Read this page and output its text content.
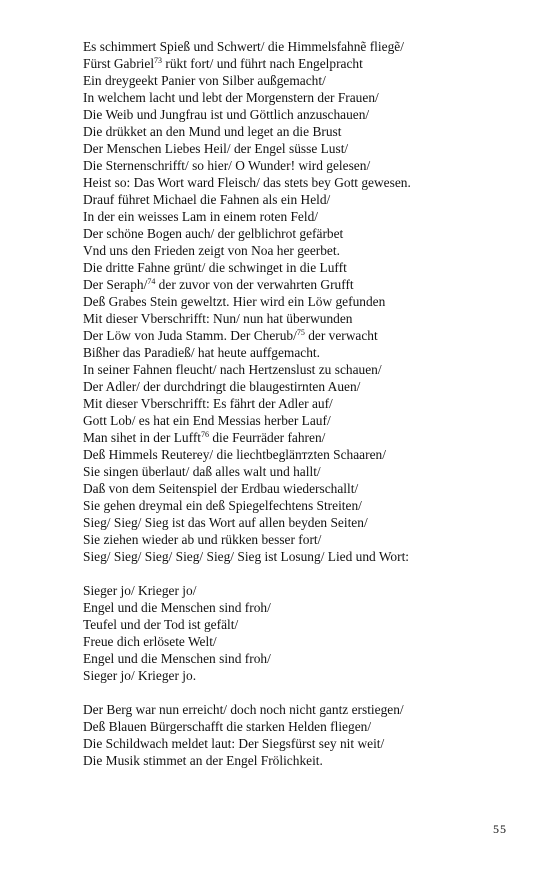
Es schimmert Spieß und Schwert/ die Himmelsfahnẽ fliegẽ/
Fürst Gabriel$^{73}$ rükt fort/ und führt nach Engelpracht
Ein dreygeekt Panier von Silber außgemacht/
In welchem lacht und lebt der Morgenstern der Frauen/
Die Weib und Jungfrau ist und Göttlich anzuschauen/
Die drükket an den Mund und leget an die Brust
Der Menschen Liebes Heil/ der Engel süsse Lust/
Die Sternenschrifft/ so hier/ O Wunder! wird gelesen/
Heist so: Das Wort ward Fleisch/ das stets bey Gott gewesen.
Drauf führet Michael die Fahnen als ein Held/
In der ein weisses Lam in einem roten Feld/
Der schöne Bogen auch/ der gelblichrot gefärbet
Vnd uns den Frieden zeigt von Noa her geerbet.
Die dritte Fahne grünt/ die schwinget in die Lufft
Der Seraph/$^{74}$ der zuvor von der verwahrten Grufft
Deß Grabes Stein geweltzt. Hier wird ein Löw gefunden
Mit dieser Vberschrifft: Nun/ nun hat überwunden
Der Löw von Juda Stamm. Der Cherub/$^{75}$ der verwacht
Bißher das Paradieß/ hat heute auffgemacht.
In seiner Fahnen fleucht/ nach Hertzenslust zu schauen/
Der Adler/ der durchdringt die blaugestirnten Auen/
Mit dieser Vberschrifft: Es fährt der Adler auf/
Gott Lob/ es hat ein End Messias herber Lauf/
Man sihet in der Lufft$^{76}$ die Feurräder fahren/
Deß Himmels Reuterey/ die liechtbeglänтzten Schaaren/
Sie singen überlaut/ daß alles walt und hallt/
Daß von dem Seitenspiel der Erdbau wiederschallt/
Sie gehen dreymal ein deß Spiegelfechtens Streiten/
Sieg/ Sieg/ Sieg ist das Wort auf allen beyden Seiten/
Sie ziehen wieder ab und rükken besser fort/
Sieg/ Sieg/ Sieg/ Sieg/ Sieg/ Sieg ist Losung/ Lied und Wort:
Sieger jo/ Krieger jo/
Engel und die Menschen sind froh/
Teufel und der Tod ist gefält/
Freue dich erlösete Welt/
Engel und die Menschen sind froh/
Sieger jo/ Krieger jo.
Der Berg war nun erreicht/ doch noch nicht gantz erstiegen/
Deß Blauen Bürgerschafft die starken Helden fliegen/
Die Schildwach meldet laut: Der Siegsfürst sey nit weit/
Die Musik stimmet an der Engel Frölichkeit.
55
